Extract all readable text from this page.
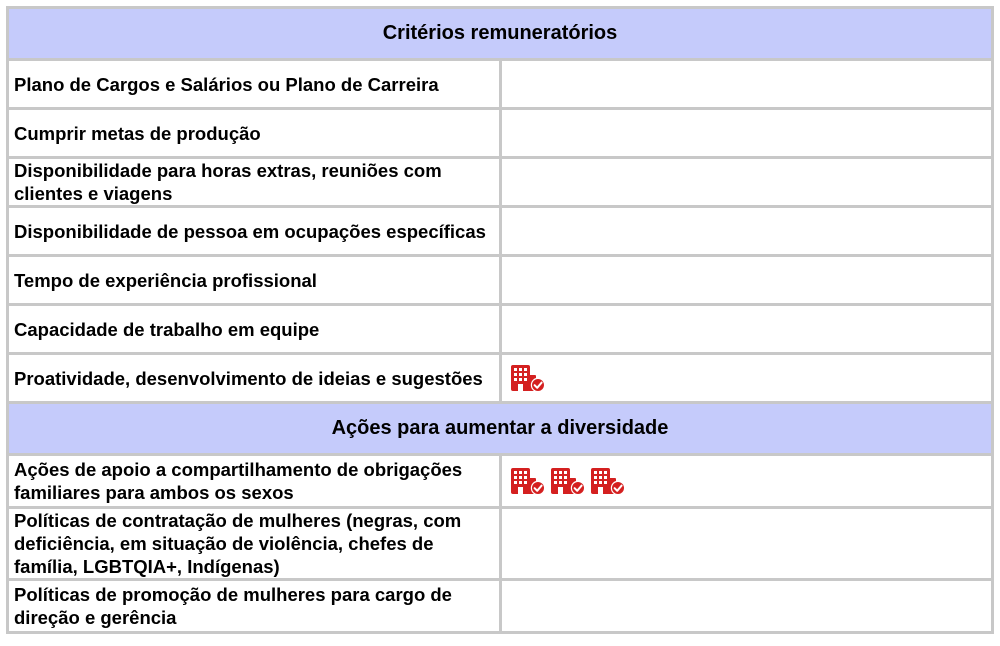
Critérios remuneratórios	
Plano de Cargos e Salários ou Plano de Carreira	
Cumprir metas de produção	
Disponibilidade para horas extras, reuniões com clientes e viagens	
Disponibilidade de pessoa em ocupações específicas	
Tempo de experiência profissional	
Capacidade de trabalho em equipe	
Proatividade, desenvolvimento de ideias e sugestões	

Ações para aumentar a diversidade	
Ações de apoio a compartilhamento de obrigações familiares para ambos os sexos	

Políticas de contratação de mulheres (negras, com deficiência, em situação de violência, chefes de família, LGBTQIA+, Indígenas)	
Políticas de promoção de mulheres para cargo de direção e gerência	
